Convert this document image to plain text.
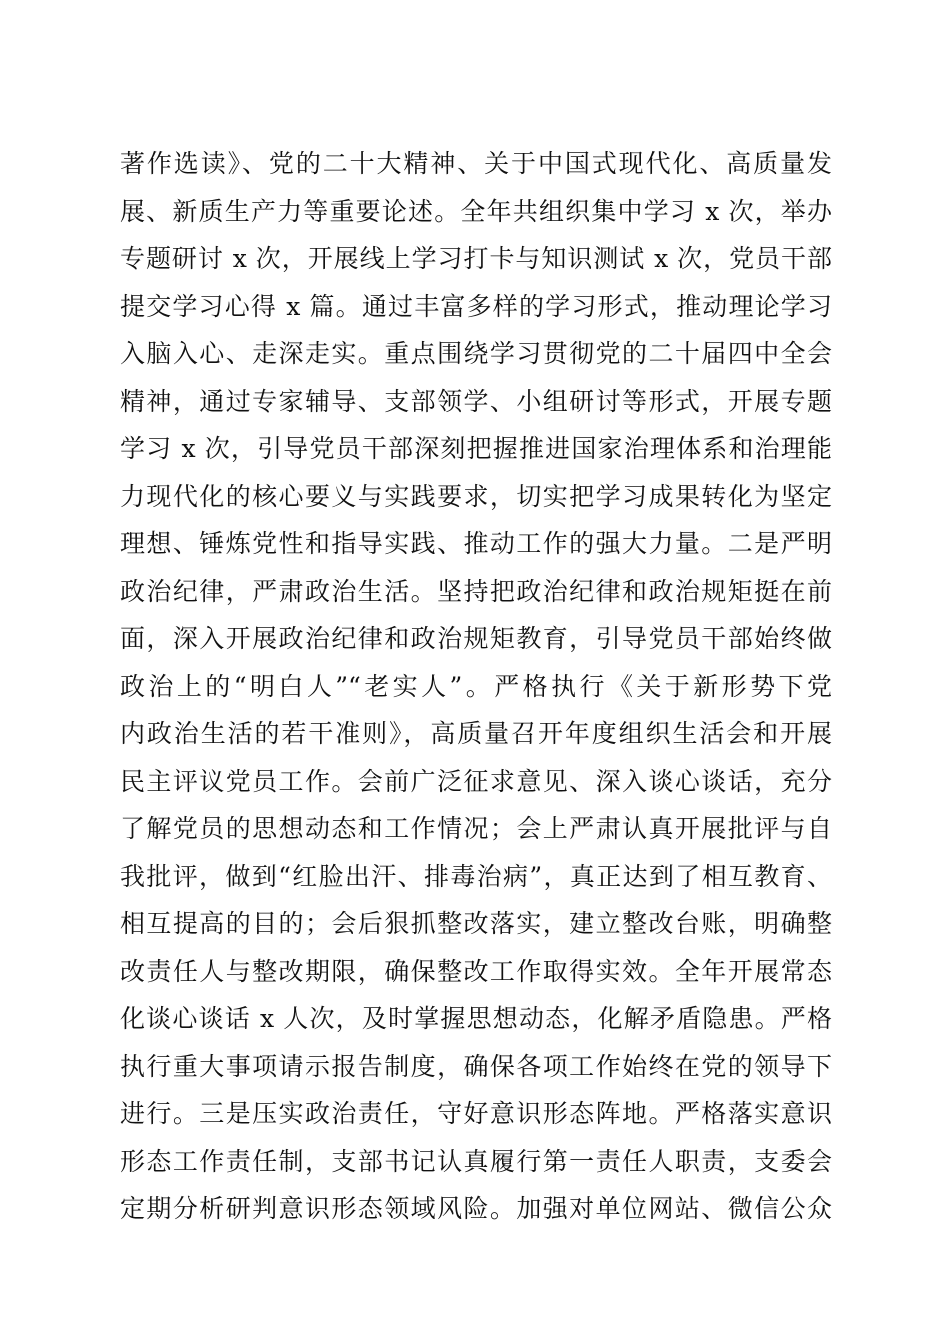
著作选读》、党的二十大精神、关于中国式现代化、高质量发
展、新质生产力等重要论述。全年共组织集中学习 x 次，举办
专题研讨 x 次，开展线上学习打卡与知识测试 x 次，党员干部
提交学习心得 x 篇。通过丰富多样的学习形式，推动理论学习
入脑入心、走深走实。重点围绕学习贯彻党的二十届四中全会
精神，通过专家辅导、支部领学、小组研讨等形式，开展专题
学习 x 次，引导党员干部深刻把握推进国家治理体系和治理能
力现代化的核心要义与实践要求，切实把学习成果转化为坚定
理想、锤炼党性和指导实践、推动工作的强大力量。二是严明
政治纪律，严肃政治生活。坚持把政治纪律和政治规矩挺在前
面，深入开展政治纪律和政治规矩教育，引导党员干部始终做
政治上的“明白人”“老实人”。严格执行《关于新形势下党
内政治生活的若干准则》，高质量召开年度组织生活会和开展
民主评议党员工作。会前广泛征求意见、深入谈心谈话，充分
了解党员的思想动态和工作情况；会上严肃认真开展批评与自
我批评，做到“红脸出汗、排毒治病”，真正达到了相互教育、
相互提高的目的；会后狠抓整改落实，建立整改台账，明确整
改责任人与整改期限，确保整改工作取得实效。全年开展常态
化谈心谈话 x 人次，及时掌握思想动态，化解矛盾隐患。严格
执行重大事项请示报告制度，确保各项工作始终在党的领导下
进行。三是压实政治责任，守好意识形态阵地。严格落实意识
形态工作责任制，支部书记认真履行第一责任人职责，支委会
定期分析研判意识形态领域风险。加强对单位网站、微信公众
